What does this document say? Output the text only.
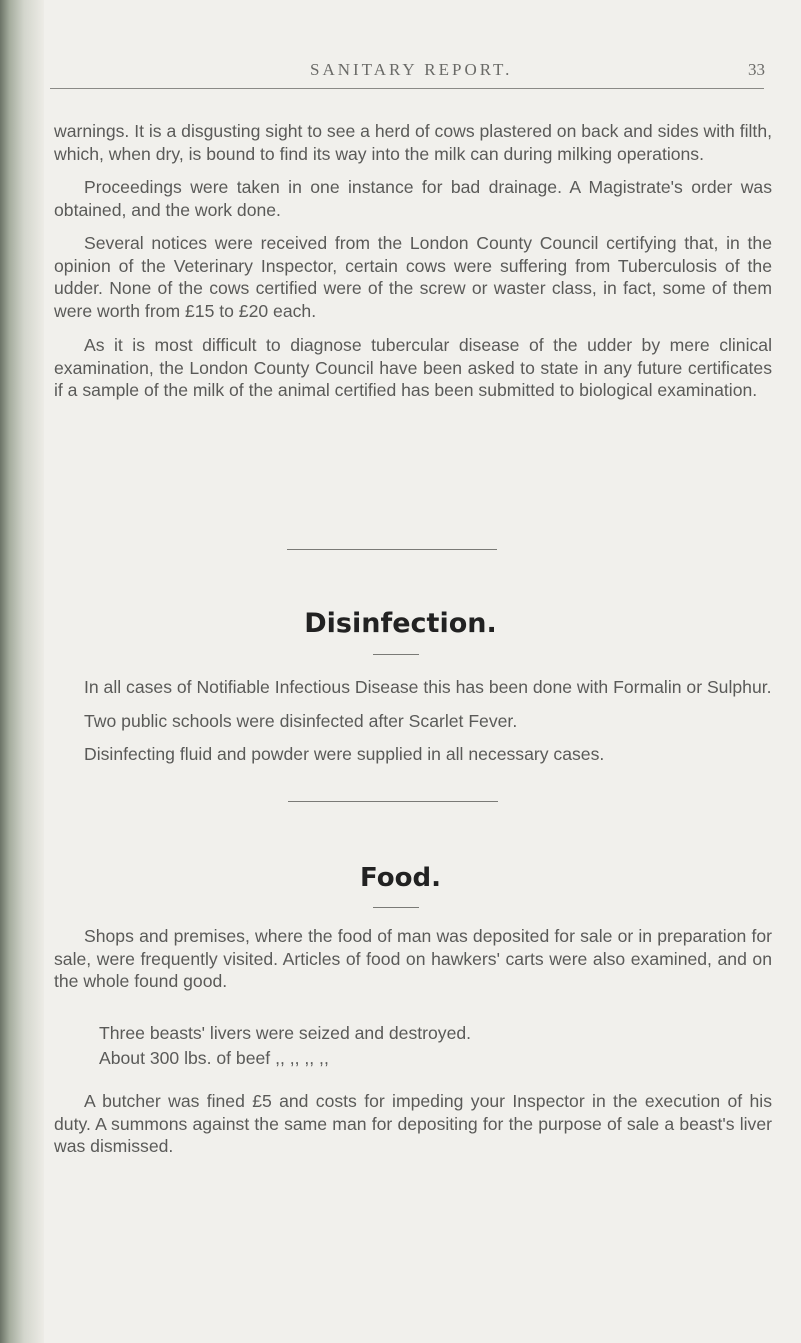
SANITARY REPORT.	33

warnings. It is a disgusting sight to see a herd of cows plastered on back and sides with filth, which, when dry, is bound to find its way into the milk can during milking operations.

Proceedings were taken in one instance for bad drainage. A Magistrate's order was obtained, and the work done.

Several notices were received from the London County Council certifying that, in the opinion of the Veterinary Inspector, certain cows were suffering from Tuberculosis of the udder. None of the cows certified were of the screw or waster class, in fact, some of them were worth from £15 to £20 each.

As it is most difficult to diagnose tubercular disease of the udder by mere clinical examination, the London County Council have been asked to state in any future certificates if a sample of the milk of the animal certified has been submitted to biological examination.

Disinfection.

In all cases of Notifiable Infectious Disease this has been done with Formalin or Sulphur.

Two public schools were disinfected after Scarlet Fever.

Disinfecting fluid and powder were supplied in all necessary cases.

Food.

Shops and premises, where the food of man was deposited for sale or in preparation for sale, were frequently visited. Articles of food on hawkers' carts were also examined, and on the whole found good.

Three beasts' livers were seized and destroyed.
About 300 lbs. of beef ,, ,, ,, ,,

A butcher was fined £5 and costs for impeding your Inspector in the execution of his duty. A summons against the same man for depositing for the purpose of sale a beast's liver was dismissed.
